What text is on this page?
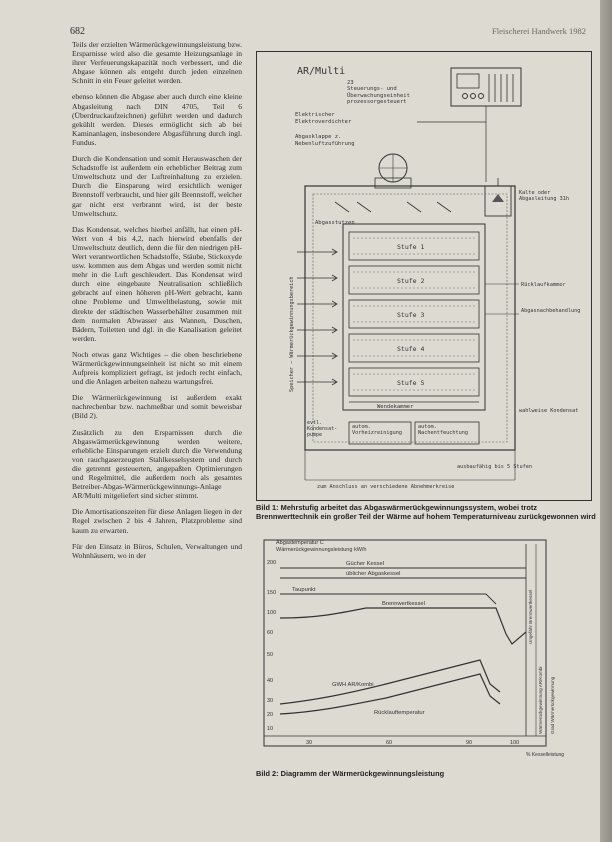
682	Fleischerei Handwerk 1982

Teils der erzielten Wärmerückgewinnungsleistung bzw. Ersparnisse wird also die gesamte Heizungsanlage in ihrer Verfeuerungskapazität noch verbessert, und die Abgase können als entgeht durch jeden einzelnen Schnitt in ein Feuer geleitet werden.

ebenso können die Abgase aber auch durch eine kleine Abgasleitung nach DIN 4705, Teil 6 (Überdruckaufzeichnen) geführt werden und dadurch gekühlt werden. Dieses ermöglicht sich ab bei Kaminanlagen, insbesondere Abgasführung durch ingl. Fundus.

Durch die Kondensation und somit Herauswaschen der Schadstoffe ist außerdem ein erheblicher Beitrag zum Umweltschutz und der Luftreinhaltung zu erzielen. Durch die Einsparung wird ersichtlich weniger Brennstoff verbraucht, und hier gilt Brennstoff, welcher gar nicht erst verbrannt wird, ist der beste Umweltschutz.

Das Kondensat, welches hierbei anfällt, hat einen pH-Wert von 4 bis 4,2, nach hierwird ebenfalls der Umweltschutz deutlich, denn die für den niedrigen pH-Wert verantwortlichen Schadstoffe, Stäube, Stickoxyde usw. kommen aus dem Abgas und werden somit nicht mehr in die Luft geschleudert. Das Kondensat wird durch eine eingebaute Neutralisation schließlich gebracht auf einen höheren pH-Wert gebracht, kann ohne Probleme und Umweltbelastung, sowie mit direkte der städtischen Wasserbehälter zusammen mit dem normalen Abwasser aus Wannen, Duschen, Bädern, Toiletten und dgl. in die Kanalisation geleitet werden.

Noch etwas ganz Wichtiges – die oben beschriebene Wärmerückgewinnungseinheit ist nicht so mit einem Aufpreis kompliziert gefragt, ist jedoch recht einfach, und die Anlagen arbeiten nahezu wartungsfrei.

Die Wärmerückgewinnung ist außerdem exakt nachrechenbar bzw. nachmeßbar und somit beweisbar (Bild 2).

Zusätzlich zu den Ersparnissen durch die Abgaswärmerückgewinnung werden weitere, erhebliche Einsparungen erzielt durch die Verwendung von rauchgaserzeugten Stahlkesselsystem und durch die getrennt gesteuerten, angepaßten Optimierungen und Regelmittel, die außerdem noch als gesamtes Betreiber-Abgas-Wärmerückgewinnungs-Anlage AR/Multi mitgeliefert sind sicher stimmt.

Die Amortisationszeiten für diese Anlagen liegen in der Regel zwischen 2 bis 4 Jahren, Platzprobleme sind kaum zu erwarten.

Für den Einsatz in Büros, Schulen, Verwaltungen und Wohnhäusern, wo in der

AR/Multi
23
Steuerungs- und Überwachungseinheit prozessorgesteuert
Elektrischer Elektroverdichter
Abgasklappe z. Nebenluftzuführung
Kalte oder Abgasleitung 31h
Abgasstutzen
Stufe 1
Stufe 2
Stufe 3
Stufe 4
Stufe 5
Speicher – Wärmerückgewinnungsbereich	Rücklaufkammer
Abgasnachbehandlung
Wendekammer
evtl. Kondensat-pumpe
autom. Vorheizreinigung
autom. Nachentfeuchtung
wahlweise Kondensat
ausbaufähig bis 5 Stufen
zum Anschluss an verschiedene Abnehmerkreise
Bild 1: Mehrstufig arbeitet das Abgaswärmerückgewinnungssystem, wobei trotz Brennwerttechnik ein großer Teil der Wärme auf hohem Temperaturniveau zurückgewonnen wird
Abgastemperatur C
Wärmerückgewinnungsleistung kW/h
200
150
100
60
50
40
30
20
10
Gücher Kessel
üblicher Abgaskessel
Taupunkt
Brennwertkessel
GWH AR/Kombi
Rücklauftemperatur
Ungefähr Brennwertkessel
Wärmerückgewinnung AR/Kombi Grad Wärmerückgewinnung
30	60	90	100
% Kesselleistung
Bild 2: Diagramm der Wärmerückgewinnungsleistung
